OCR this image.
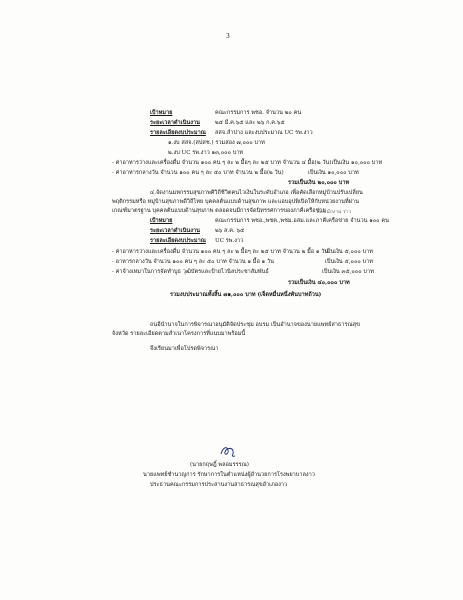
3
เป้าหมาย	คณะกรรมการ พชอ. จำนวน ๒๐ คน
ระยะเวลาดำเนินงาน	๒๕ มี.ค.๖๕ และ ๒๖ ก.ค.๖๕
รายละเอียดงบประมาณ สสจ.ลำปาง และงบประมาณ UC รพ.งาว
๑.งบ สสจ.(สปสช.) รวมสอง ๗,๐๐๐ บาท
๒.งบ UC รพ.งาว ๑๓,๐๐๐ บาท
- ค่าอาหารว่างและเครื่องดื่ม จำนวน ๑๐๐ คน ๆ ละ ๒ มื้อๆ ละ ๒๕ บาท จำนวน ๔ มื้อ(๒ วัน)เป็นเงิน ๑๐,๐๐๐ บาท
- ค่าอาหารกลางวัน จำนวน ๑๐๐ คน ๆ ละ ๕๐ บาท จำนวน ๒ มื้อ(๒ วัน)	เป็นเงิน ๑๐,๐๐๐ บาท
รวมเป็นเงิน ๒๐,๐๐๐ บาท
๔.จัดงานมหกรรมสุขภาพศิวิถีชีวิตคนไวเงินในระดับอำเภอ เพื่อคัดเลือกหมู่บ้านปรับเปลี่ยน
พฤติกรรมหรือ หมู่บ้านสุขภาพดีวิถีไทย บุคคลต้นแบบด้านสุขภาพ และแอบอุปพิเปิดให้กับหน่วยงานที่ผ่าน
เกณฑ์มาตรฐาน บุคคลต้นแบบด้านสุขภาพ ตลอดจนมีการจัดนิทรรศการของภาคีเครือข่าย
ที่ดนนักงาน ร่าว
เป้าหมาย	คณะกรรมการ พชอ.,พชต.,พชม.อสม.และภาคีเครือข่าย จำนวน ๑๐๐ คน
ระยะเวลาดำเนินงาน	๒๖ ส.ค. ๖๕
รายละเอียดงบประมาณ UC รพ.งาว
- ค่าอาหารว่างและเครื่องดื่ม จำนวน ๑๐๐ คน ๆ ละ ๒ มื้อๆ ละ ๒๕ บาท จำนวน ๒ มื้อ ๑ วัน
เป็นเงิน ๕,๐๐๐ บาท
- อาหารกลางวัน จำนวน ๑๐๐ คน ๆ ละ ๕๐ บาท จำนวน ๑ มื้อ ๑ วัน	เป็นเงิน ๕,๐๐๐ บาท
- ค่าจ้างเหมาในการจัดทำบูธ วุฒิบัตรและป้ายไวนิลประชาสัมพันธ์	เป็นเงิน ๓๕,๐๐๐ บาท
รวมเป็นเงิน ๔๐,๐๐๐ บาท
รวมงบประมาณทั้งสิ้น ๗๑,๐๐๐ บาท (เจ็ดหมื่นหนึ่งพันบาทถ้วน)
ถนอีนำนาจในการพิจารณาอนุมัติจัดประชุม อบรม เป็นอำนาจของนายแพทย์สาธารณสุข
จังหวัด รายละเอียดตามสำเนาโครงการที่แนบมาพร้อมนี้
จึงเรียนมาเพื่อโปรดพิจารณา
(นายกฤษฎิ์ พลอมรรรณ)
นายแพทย์ชำนาญการ รักษาการในตำแหน่งผู้อำนวยการโรงพยาบาลงาว
ประธานคณะกรรมการประสานงานสาธารณสุขอำเภองาว
